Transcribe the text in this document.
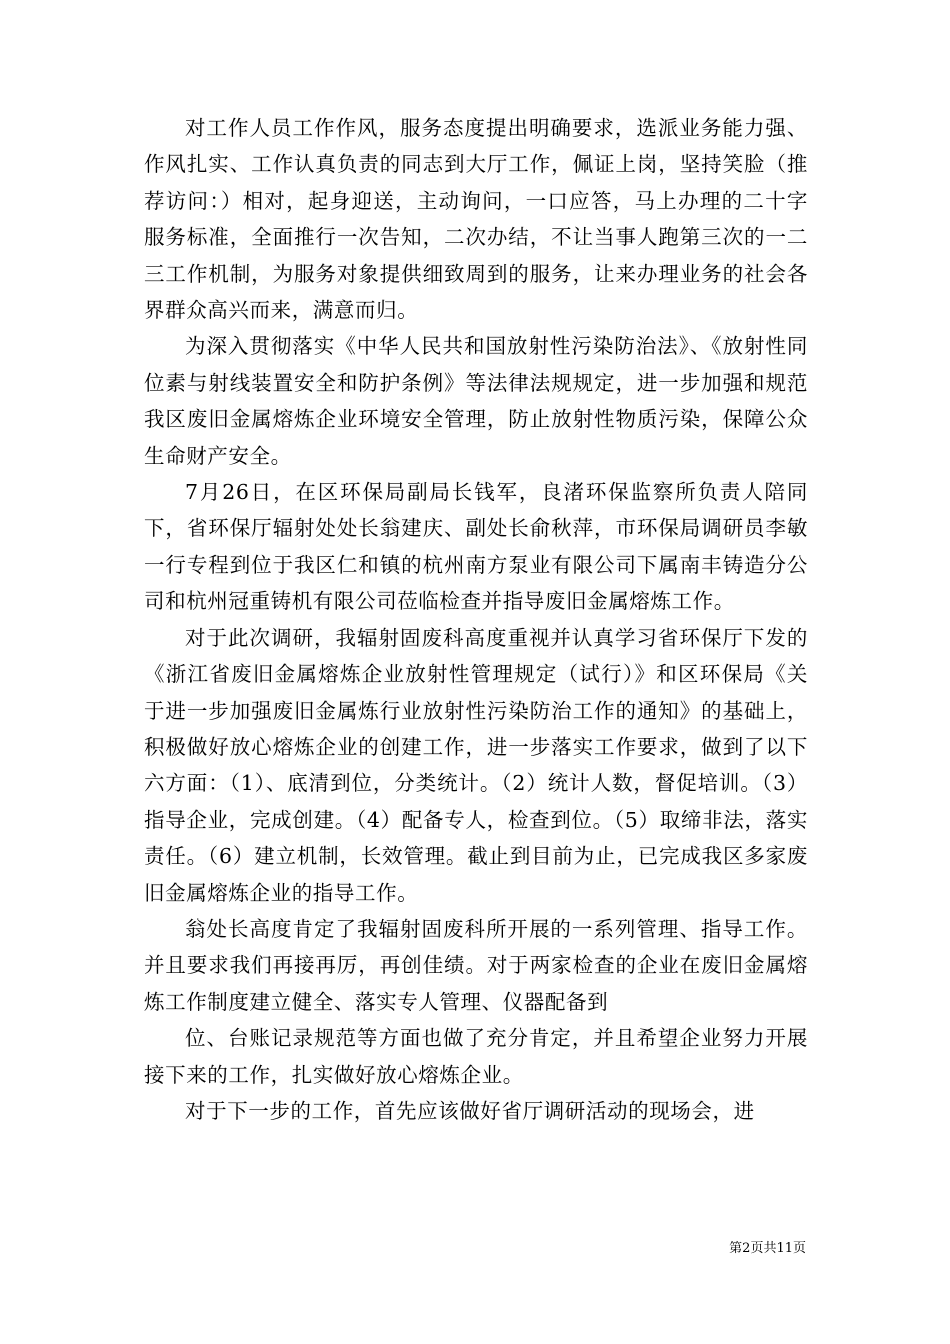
对工作人员工作作风，服务态度提出明确要求，选派业务能力强、作风扎实、工作认真负责的同志到大厅工作，佩证上岗，坚持笑脸（推荐访问：）相对，起身迎送，主动询问，一口应答，马上办理的二十字服务标准，全面推行一次告知，二次办结，不让当事人跑第三次的一二三工作机制，为服务对象提供细致周到的服务，让来办理业务的社会各界群众高兴而来，满意而归。

为深入贯彻落实《中华人民共和国放射性污染防治法》、《放射性同位素与射线装置安全和防护条例》等法律法规规定，进一步加强和规范我区废旧金属熔炼企业环境安全管理，防止放射性物质污染，保障公众生命财产安全。

7月26日，在区环保局副局长钱军，良渚环保监察所负责人陪同下，省环保厅辐射处处长翁建庆、副处长俞秋萍，市环保局调研员李敏一行专程到位于我区仁和镇的杭州南方泵业有限公司下属南丰铸造分公司和杭州冠重铸机有限公司莅临检查并指导废旧金属熔炼工作。

对于此次调研，我辐射固废科高度重视并认真学习省环保厅下发的《浙江省废旧金属熔炼企业放射性管理规定（试行）》和区环保局《关于进一步加强废旧金属炼行业放射性污染防治工作的通知》的基础上，积极做好放心熔炼企业的创建工作，进一步落实工作要求，做到了以下六方面：（1）、底清到位，分类统计。（2）统计人数，督促培训。（3）指导企业，完成创建。（4）配备专人，检查到位。（5）取缔非法，落实责任。（6）建立机制，长效管理。截止到目前为止，已完成我区多家废旧金属熔炼企业的指导工作。

翁处长高度肯定了我辐射固废科所开展的一系列管理、指导工作。并且要求我们再接再厉，再创佳绩。对于两家检查的企业在废旧金属熔炼工作制度建立健全、落实专人管理、仪器配备到

位、台账记录规范等方面也做了充分肯定，并且希望企业努力开展接下来的工作，扎实做好放心熔炼企业。

对于下一步的工作，首先应该做好省厅调研活动的现场会，进

第2页共11页
